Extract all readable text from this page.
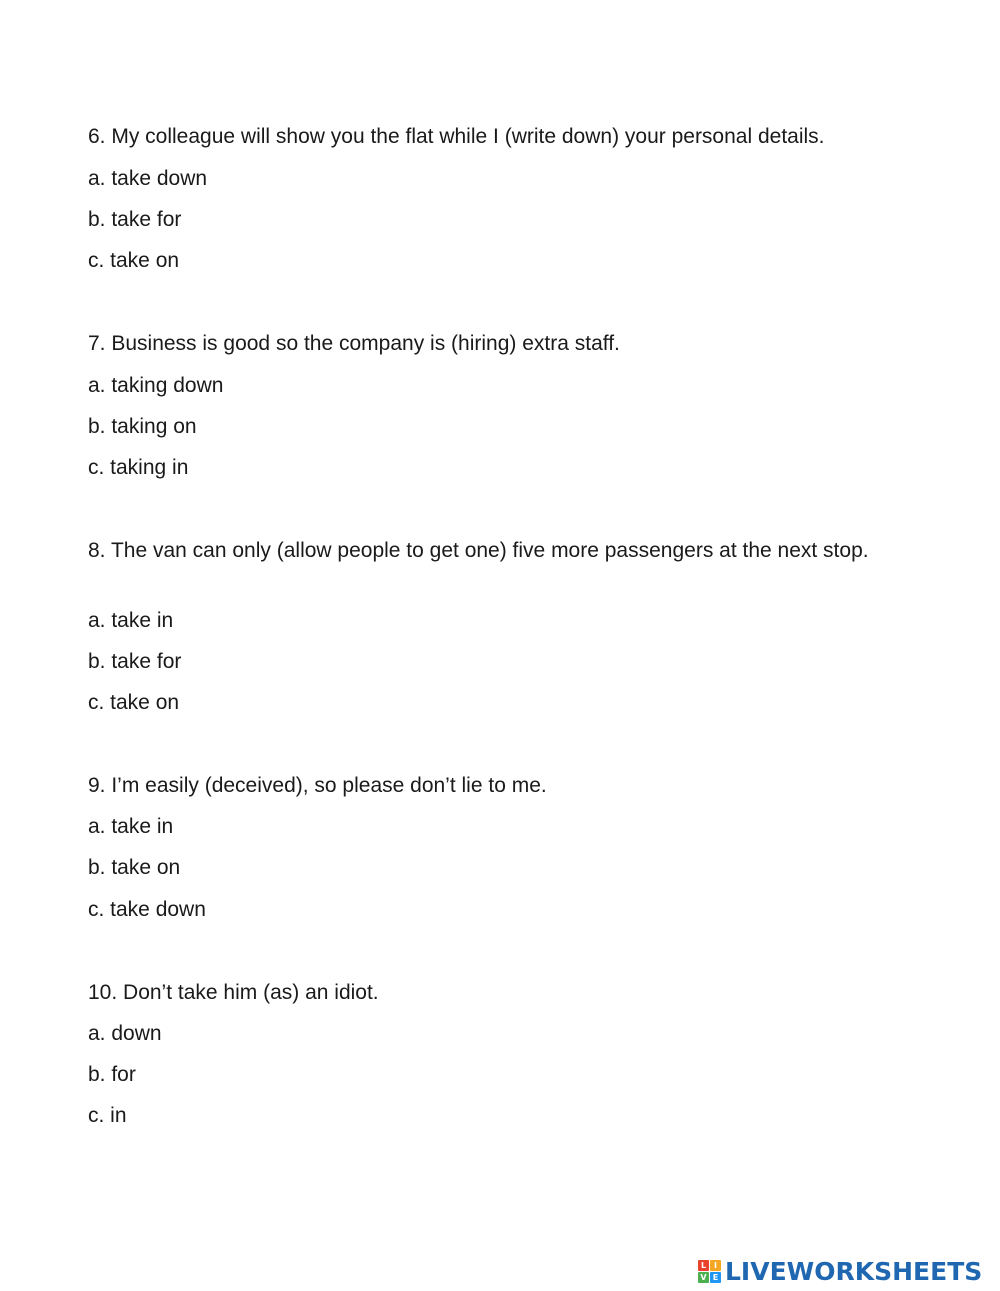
6. My colleague will show you the flat while I (write down) your personal details.
a. take down
b. take for
c. take on
7. Business is good so the company is (hiring) extra staff.
a. taking down
b. taking on
c. taking in
8. The van can only (allow people to get one) five more passengers at the next stop.
a. take in
b. take for
c. take on
9. I’m easily (deceived), so please don’t lie to me.
a. take in
b. take on
c. take down
10. Don’t take him (as) an idiot.
a. down
b. for
c. in
L I
V E LIVEWORKSHEETS
